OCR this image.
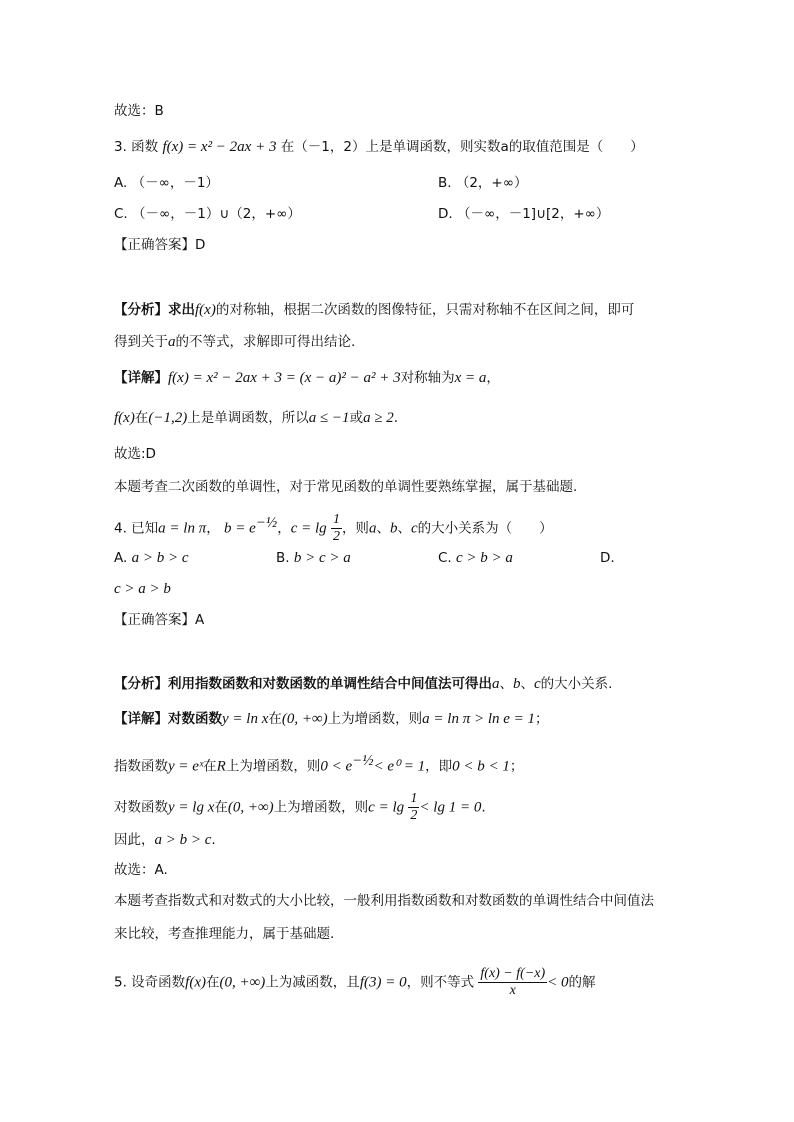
故选：B
3. 函数 f(x) = x² − 2ax + 3 在（－1，2）上是单调函数，则实数a的取值范围是（　　）
A. （－∞，－1）	B. （2，+∞）
C. （－∞，－1）∪（2，+∞）	D. （－∞，－1]∪[2，+∞）
【正确答案】D
【分析】求出f(x)的对称轴，根据二次函数的图像特征，只需对称轴不在区间之间，即可
得到关于a的不等式，求解即可得出结论.
【详解】f(x) = x² − 2ax + 3 = (x − a)² − a² + 3对称轴为x = a，
f(x)在(−1,2)上是单调函数，所以a ≤ −1或a ≥ 2.
故选:D
本题考查二次函数的单调性，对于常见函数的单调性要熟练掌握，属于基础题.
4. 已知a = ln π， $b = e^{-\frac{1}{2}}$，$c = \lg \frac{1}{2}$ ，则a、b、c的大小关系为（　　）
A. a > b > c	B. b > c > a	C. c > b > a	D.
c > a > b
【正确答案】A
【分析】利用指数函数和对数函数的单调性结合中间值法可得出a、b、c的大小关系.
【详解】对数函数y = ln x在(0, +∞)上为增函数，则a = ln π > ln e = 1；
指数函数y = eˣ在R上为增函数，则$0 < e^{-\frac{1}{2}}< e^0 = 1$，即0 < b < 1；
对数函数y = lg x在(0, +∞)上为增函数，则$c = \lg \frac{1}{2} < \lg 1 = 0$.
因此，a > b > c.
故选：A.
本题考查指数式和对数式的大小比较，一般利用指数函数和对数函数的单调性结合中间值法
来比较，考查推理能力，属于基础题.
5. 设奇函数f(x)在(0, +∞)上为减函数，且f(3) = 0，则不等式 $\frac{f(x) - f(-x)}{x} < 0$的解
